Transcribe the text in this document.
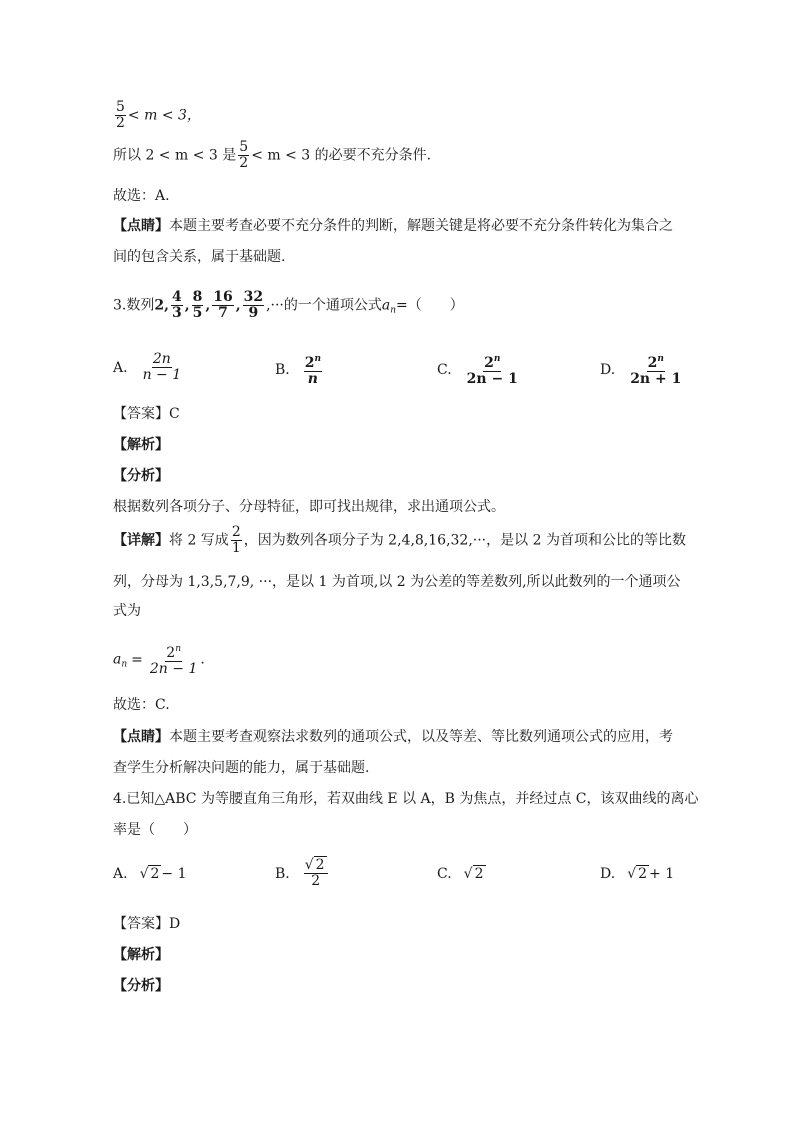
$\frac{5}{2} < m < 3$，
所以 2 < m < 3 是 $\frac{5}{2} < m < 3$ 的必要不充分条件.
故选：A.
【点睛】本题主要考查必要不充分条件的判断，解题关键是将必要不充分条件转化为集合之
间的包含关系，属于基础题.
3.数列2, $\frac{4}{3}$ , $\frac{8}{5}$ , $\frac{16}{7}$ , $\frac{32}{9}$ ,···的一个通项公式$a_n=$（　　）
A. $\frac{2n}{n - 1}$	B. $\frac{2^n}{n}$	C. $\frac{2^n}{2n - 1}$	D. $\frac{2^n}{2n + 1}$
【答案】C
【解析】
【分析】
根据数列各项分子、分母特征，即可找出规律，求出通项公式。
【详解】将 2 写成 $\frac{2}{1}$ ，因为数列各项分子为 2,4,8,16,32,···，是以 2 为首项和公比的等比数
列，分母为 1,3,5,7,9, ···，是以 1 为首项,以 2 为公差的等差数列,所以此数列的一个通项公
式为
$a_n = \frac{2^n}{2n - 1}$ .
故选：C.
【点睛】本题主要考查观察法求数列的通项公式，以及等差、等比数列通项公式的应用，考
查学生分析解决问题的能力，属于基础题.
4.已知△ABC 为等腰直角三角形，若双曲线 E 以 A，B 为焦点，并经过点 C，该双曲线的离心
率是（　　）
A. √ 2 − 1	B. $\frac{√ 2}{2}$	C. √ 2	D. √ 2 + 1
【答案】D
【解析】
【分析】
